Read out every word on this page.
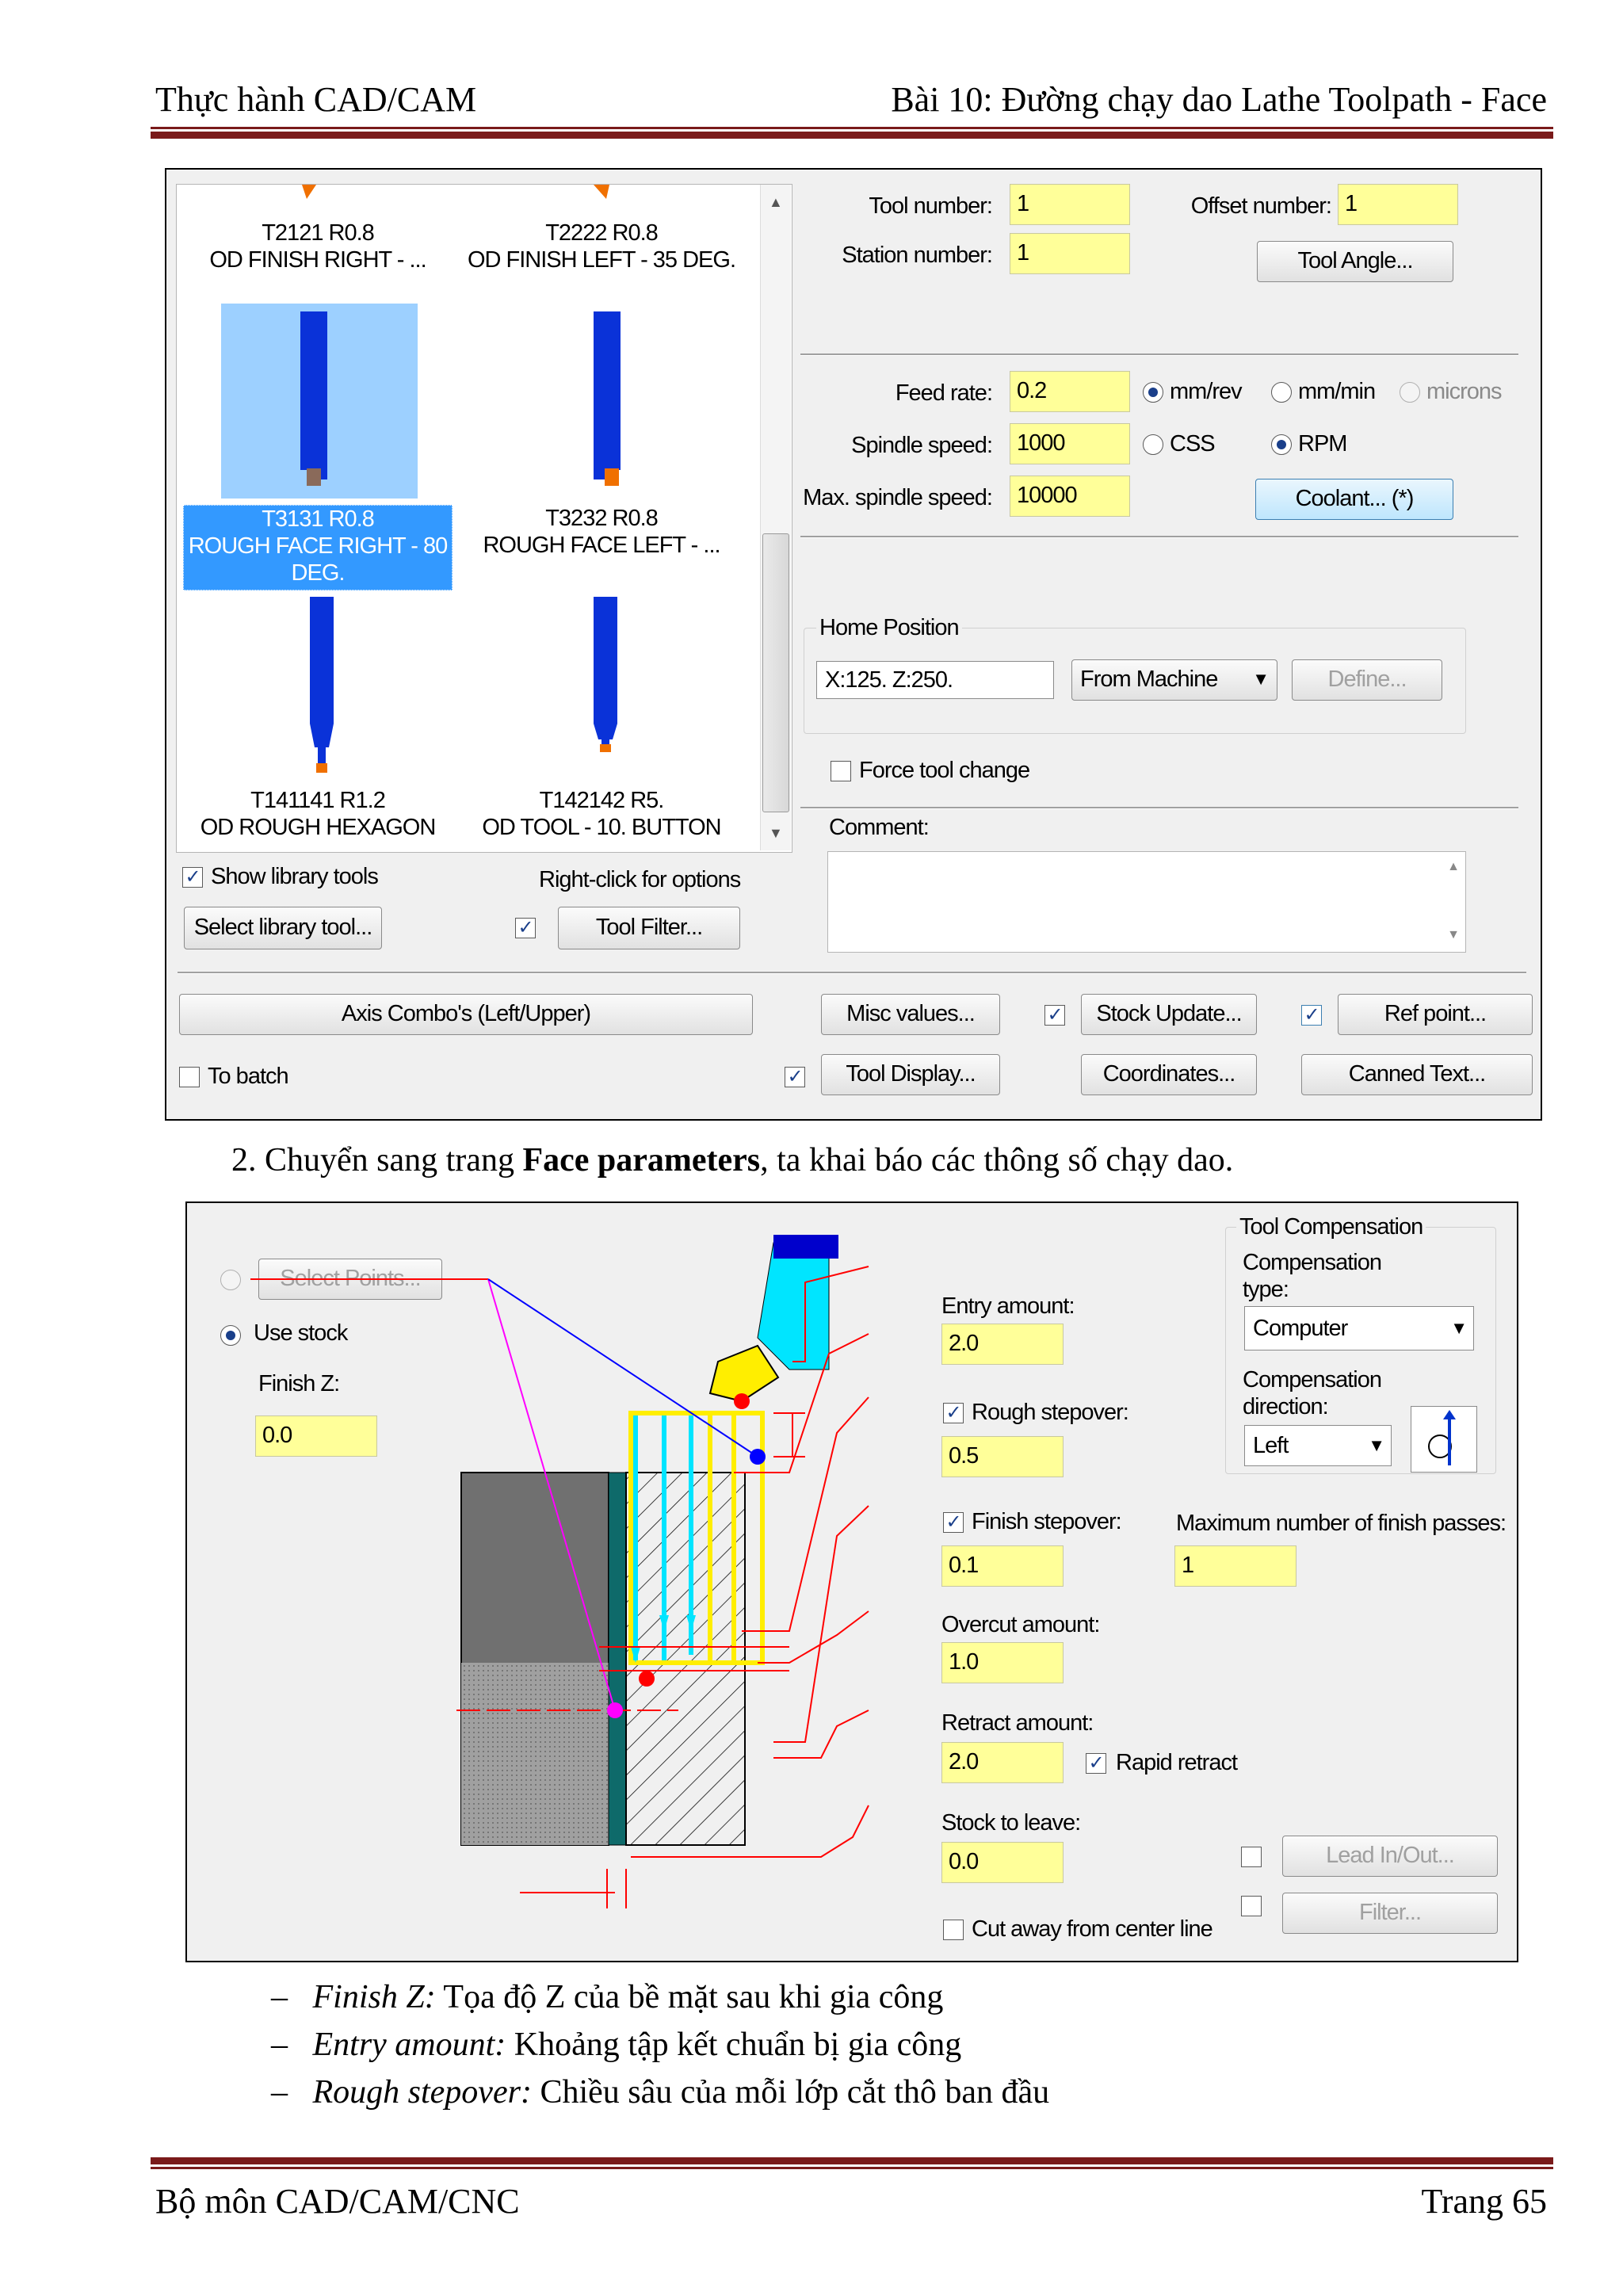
Thực hành CAD/CAM	Bài 10: Đường chạy dao Lathe Toolpath - Face
T2121 R0.8
OD FINISH RIGHT - ...
T2222 R0.8
OD FINISH LEFT - 35 DEG.
T3131 R0.8
ROUGH FACE RIGHT - 80
DEG.
T3232 R0.8
ROUGH FACE LEFT - ...
T141141 R1.2
OD ROUGH HEXAGON
T142142 R5.
OD TOOL - 10. BUTTON
▲
▼
✓ Show library tools	Right-click for options
Select library tool...	✓	Tool Filter...
Tool number:	1	Offset number: 1
Station number:	1	Tool Angle...
Feed rate:	0.2	mm/rev mm/min microns
Spindle speed:	1000	CSS	RPM
Max. spindle speed:	10000	Coolant... (*)
Home Position
X:125. Z:250.	From Machine ▼	Define...
Force tool change
Comment:
▲
▼
Axis Combo's (Left/Upper)	Misc values...	✓	Stock Update...	✓	Ref point...
To batch	✓	Tool Display...	Coordinates...	Canned Text...
2. Chuyển sang trang Face parameters, ta khai báo các thông số chạy dao.
Select Points...
Use stock
Finish Z:
0.0
Entry amount:
2.0
✓ Rough stepover:
0.5
✓ Finish stepover:
0.1
Maximum number of finish passes:
1
Overcut amount:
1.0
Retract amount:
2.0	✓ Rapid retract
Stock to leave:
0.0	Lead In/Out...
Filter...
Cut away from center line
Tool Compensation
Compensation
type:
Computer	▼
Compensation
direction:
Left	▼
–   Finish Z: Tọa độ Z của bề mặt sau khi gia công
–   Entry amount: Khoảng tập kết chuẩn bị gia công
–   Rough stepover: Chiều sâu của mỗi lớp cắt thô ban đầu
Bộ môn CAD/CAM/CNC	Trang 65
